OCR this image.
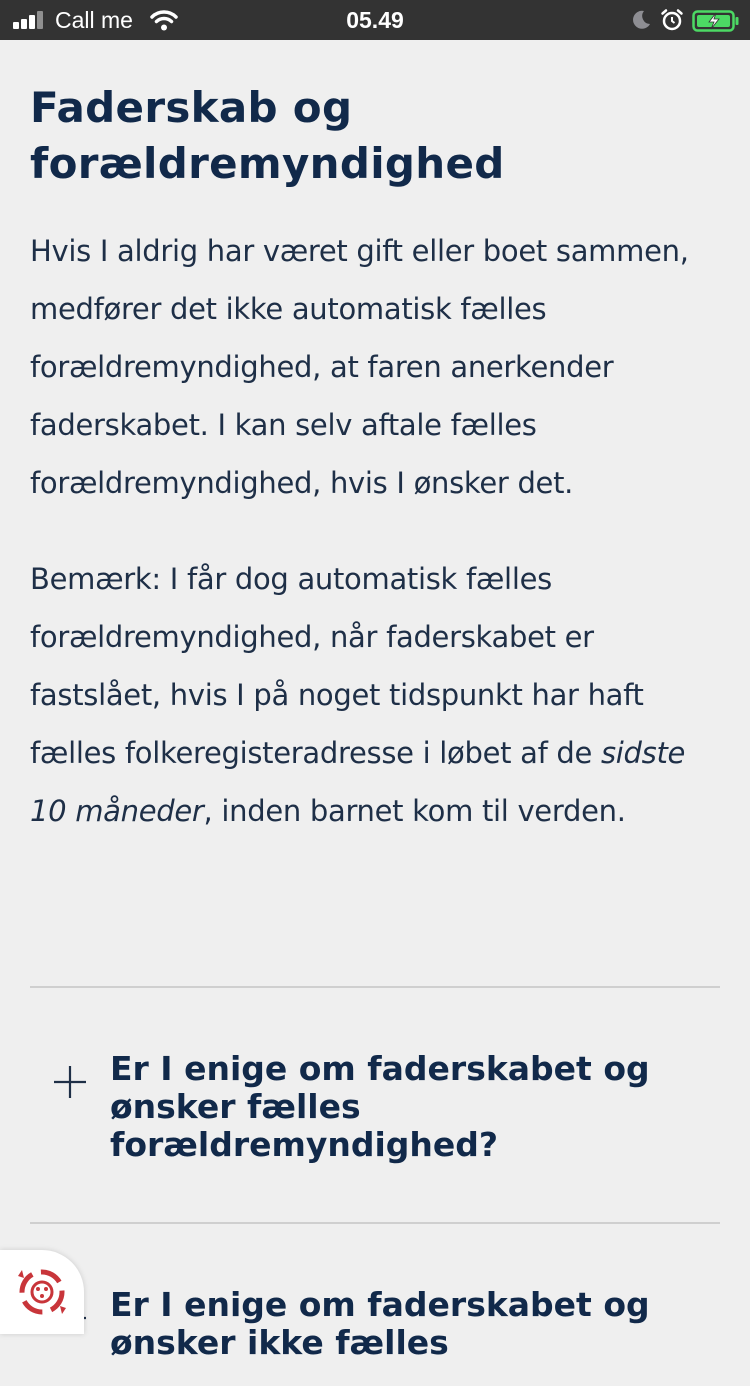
Call me	05.49
Faderskab og forældremyndighed

Hvis I aldrig har været gift eller boet sammen, medfører det ikke automatisk fælles forældremyndighed, at faren anerkender faderskabet. I kan selv aftale fælles forældremyndighed, hvis I ønsker det.

Bemærk: I får dog automatisk fælles forældremyndighed, når faderskabet er fastslået, hvis I på noget tidspunkt har haft fælles folkeregisteradresse i løbet af de sidste 10 måneder, inden barnet kom til verden.

Er I enige om faderskabet og ønsker fælles forældremyndighed?
Er I enige om faderskabet og ønsker ikke fælles
